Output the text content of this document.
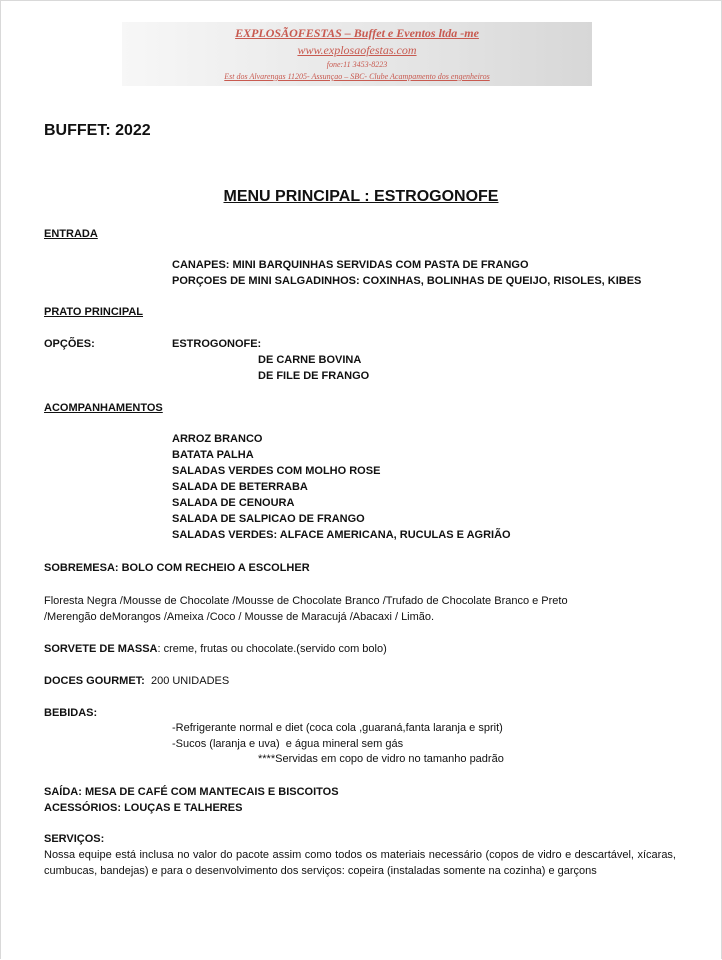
EXPLOSÃOFESTAS – Buffet e Eventos ltda -me
www.explosaofestas.com
fone:11 3453-8223
Est dos Alvarengas 11205- Assunçao – SBC- Clube Acampamento dos engenheiros
BUFFET: 2022
MENU PRINCIPAL : ESTROGONOFE
ENTRADA
CANAPES: MINI BARQUINHAS SERVIDAS COM PASTA DE FRANGO
PORÇOES DE MINI SALGADINHOS: COXINHAS, BOLINHAS DE QUEIJO, RISOLES, KIBES
PRATO PRINCIPAL
OPÇÕES:	ESTROGONOFE:
DE CARNE BOVINA
DE FILE DE FRANGO
ACOMPANHAMENTOS
ARROZ BRANCO
BATATA PALHA
SALADAS VERDES COM MOLHO ROSE
SALADA DE BETERRABA
SALADA DE CENOURA
SALADA DE SALPICAO DE FRANGO
SALADAS VERDES: ALFACE AMERICANA, RUCULAS E AGRIÃO
SOBREMESA: BOLO COM RECHEIO A ESCOLHER
Floresta Negra /Mousse de Chocolate /Mousse de Chocolate Branco /Trufado de Chocolate Branco e Preto
/Merengão deMorangos /Ameixa /Coco / Mousse de Maracujá /Abacaxi / Limão.
SORVETE DE MASSA: creme, frutas ou chocolate.(servido com bolo)
DOCES GOURMET:  200 UNIDADES
BEBIDAS:
-Refrigerante normal e diet (coca cola ,guaraná,fanta laranja e sprit)
-Sucos (laranja e uva)  e água mineral sem gás
****Servidas em copo de vidro no tamanho padrão
SAÍDA: MESA DE CAFÉ COM MANTECAIS E BISCOITOS
ACESSÓRIOS: LOUÇAS E TALHERES
SERVIÇOS:
Nossa equipe está inclusa no valor do pacote assim como todos os materiais necessário (copos de vidro e descartável, xícaras, cumbucas, bandejas) e para o desenvolvimento dos serviços: copeira (instaladas somente na cozinha) e garçons
